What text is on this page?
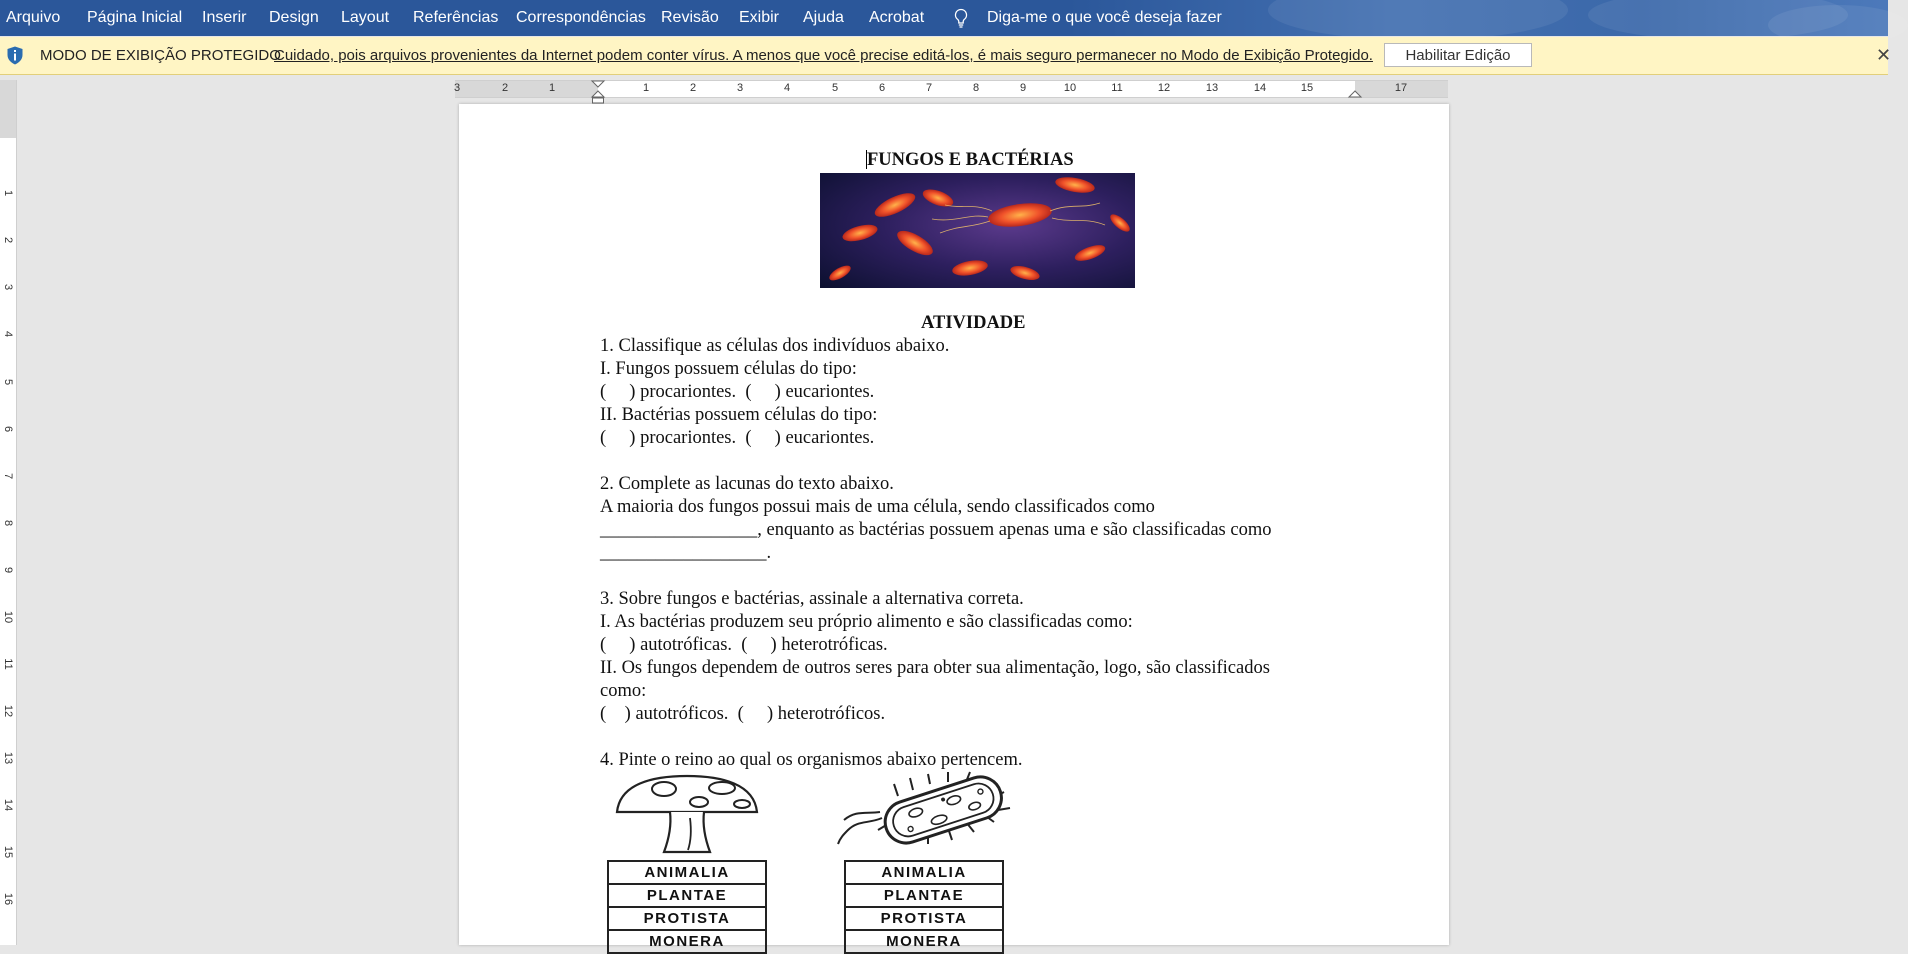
Arquivo Página Inicial Inserir Design Layout Referências Correspondências Revisão Exibir Ajuda Acrobat	Diga-me o que você deseja fazer
MODO DE EXIBIÇÃO PROTEGIDO
Cuidado, pois arquivos provenientes da Internet podem conter vírus. A menos que você precise editá-los, é mais seguro permanecer no Modo de Exibição Protegido.	Habilitar Edição	✕
3	2	1	1	2	3	4	5	6	7	8	9	10	11	12	13	14	15	17
1
2
3
4
5
6
7
8
9
10
11
12
13
14
15
16
FUNGOS E BACTÉRIAS
ATIVIDADE
1. Classifique as células dos indivíduos abaixo.
I. Fungos possuem células do tipo:
(     ) procariontes.  (     ) eucariontes.
II. Bactérias possuem células do tipo:
(     ) procariontes.  (     ) eucariontes.
2. Complete as lacunas do texto abaixo.
A maioria dos fungos possui mais de uma célula, sendo classificados como
_________________, enquanto as bactérias possuem apenas uma e são classificadas como
__________________.
3. Sobre fungos e bactérias, assinale a alternativa correta.
I. As bactérias produzem seu próprio alimento e são classificadas como:
(     ) autotróficas.  (     ) heterotróficas.
II. Os fungos dependem de outros seres para obter sua alimentação, logo, são classificados
como:
(    ) autotróficos.  (     ) heterotróficos.
4. Pinte o reino ao qual os organismos abaixo pertencem.
ANIMALIA
PLANTAE
PROTISTA
MONERA
ANIMALIA
PLANTAE
PROTISTA
MONERA
